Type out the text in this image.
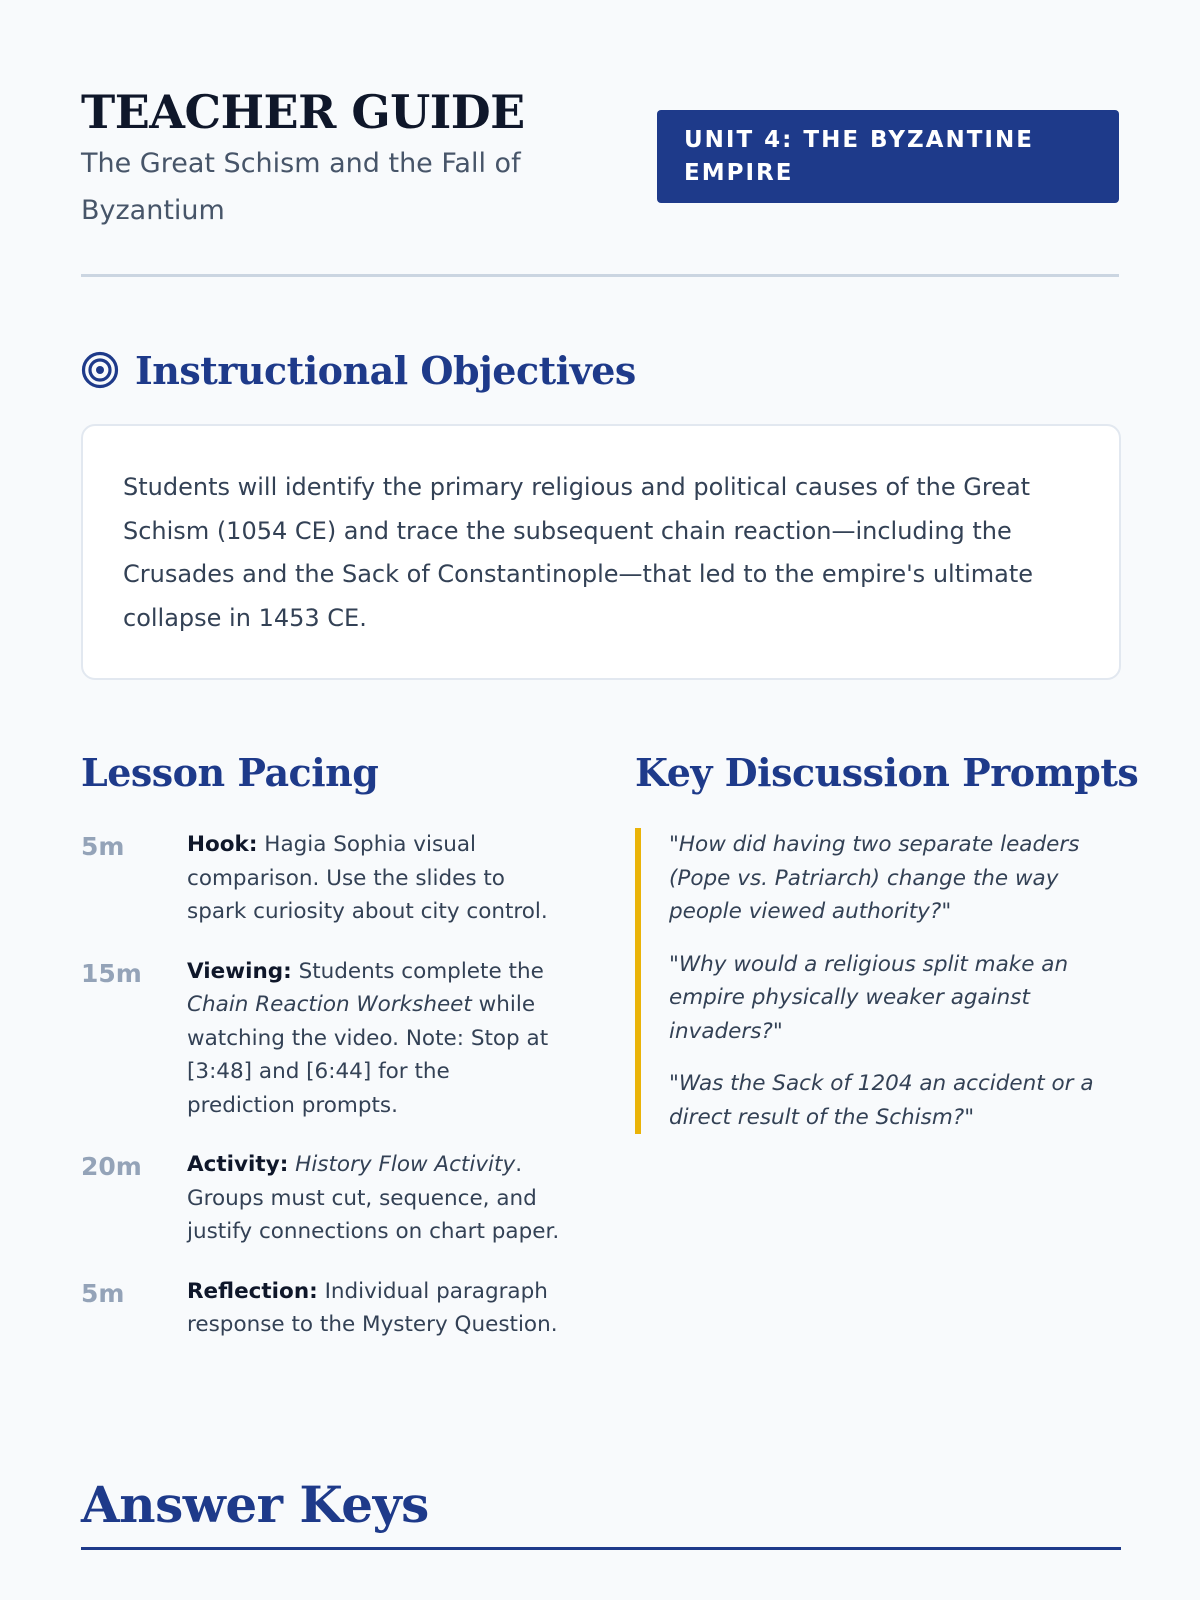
TEACHER GUIDE
The Great Schism and the Fall of Byzantium
UNIT 4: THE BYZANTINE EMPIRE
Instructional Objectives

Students will identify the primary religious and political causes of the Great Schism (1054 CE) and trace the subsequent chain reaction—including the Crusades and the Sack of Constantinople—that led to the empire's ultimate collapse in 1453 CE.

Lesson Pacing	Key Discussion Prompts
5m	Hook: Hagia Sophia visual comparison. Use the slides to spark curiosity about city control.
15m	Viewing: Students complete the Chain Reaction Worksheet while watching the video. Note: Stop at [3:48] and [6:44] for the prediction prompts.
20m	Activity: History Flow Activity. Groups must cut, sequence, and justify connections on chart paper.
5m	Reflection: Individual paragraph response to the Mystery Question.

"How did having two separate leaders (Pope vs. Patriarch) change the way people viewed authority?"

"Why would a religious split make an empire physically weaker against invaders?"

"Was the Sack of 1204 an accident or a direct result of the Schism?"

Answer Keys
